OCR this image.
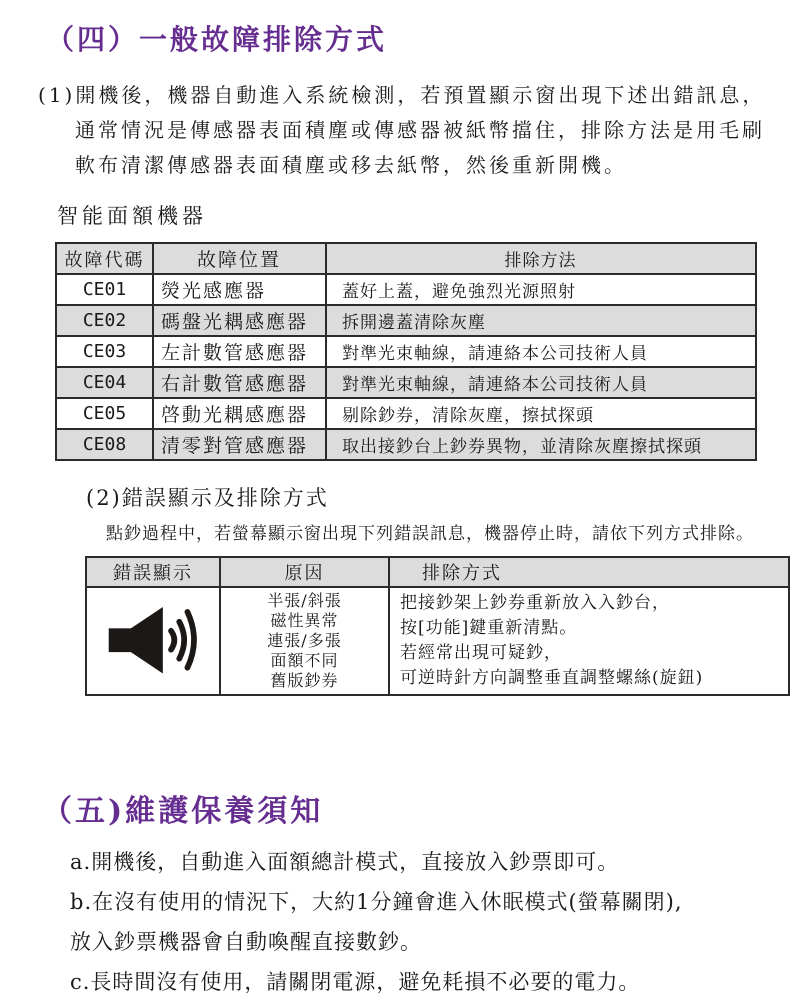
（四）一般故障排除方式
(1)開機後，機器自動進入系統檢測，若預置顯示窗出現下述出錯訊息，
通常情況是傳感器表面積塵或傳感器被紙幣擋住，排除方法是用毛刷
軟布清潔傳感器表面積塵或移去紙幣，然後重新開機。
智能面額機器
故障代碼	故障位置	排除方法
CE01	熒光感應器	蓋好上蓋，避免強烈光源照射
CE02	碼盤光耦感應器	拆開邊蓋清除灰塵
CE03	左計數管感應器	對準光束軸線，請連絡本公司技術人員
CE04	右計數管感應器	對準光束軸線，請連絡本公司技術人員
CE05	啓動光耦感應器	剔除鈔券，清除灰塵，擦拭探頭
CE08	清零對管感應器	取出接鈔台上鈔券異物，並清除灰塵擦拭探頭
(2)錯誤顯示及排除方式
點鈔過程中，若螢幕顯示窗出現下列錯誤訊息，機器停止時，請依下列方式排除。
錯誤顯示	原因	排除方式

半張/斜張
磁性異常
連張/多張
面額不同
舊版鈔券

把接鈔架上鈔券重新放入入鈔台，
按[功能]鍵重新清點。
若經常出現可疑鈔，
可逆時針方向調整垂直調整螺絲(旋鈕)
（五)維護保養須知
a.開機後，自動進入面額總計模式，直接放入鈔票即可。
b.在沒有使用的情況下，大約1分鐘會進入休眠模式(螢幕關閉),
放入鈔票機器會自動喚醒直接數鈔。
c.長時間沒有使用，請關閉電源，避免耗損不必要的電力。
